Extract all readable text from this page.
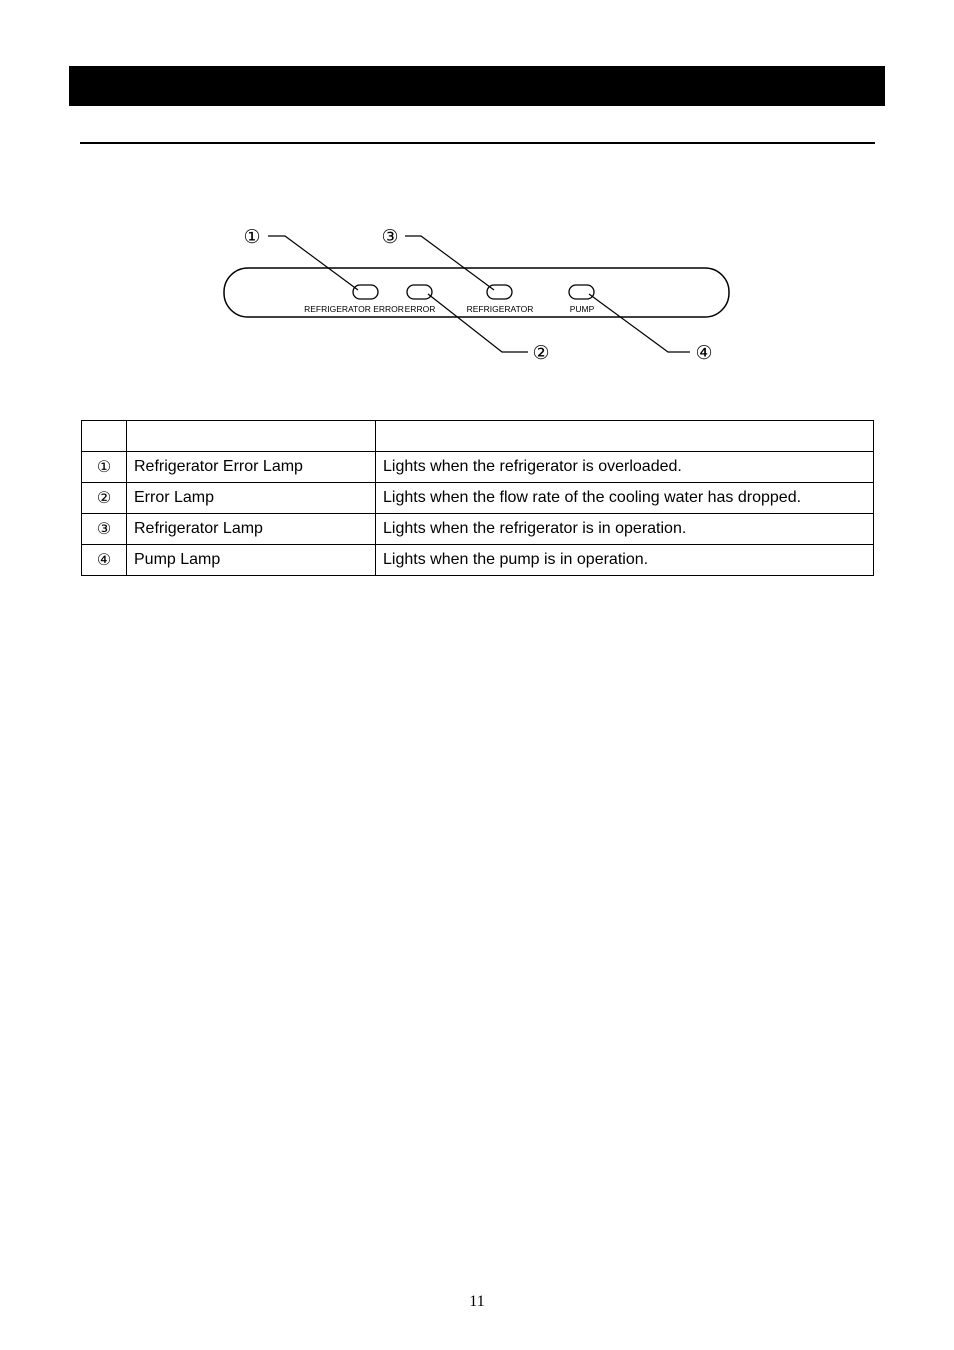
REFRIGERATOR ERROR ERROR	REFRIGERATOR	PUMP
①	③
②	④

①	Refrigerator Error Lamp	Lights when the refrigerator is overloaded.
②	Error Lamp	Lights when the flow rate of the cooling water has dropped.
③	Refrigerator Lamp	Lights when the refrigerator is in operation.
④	Pump Lamp	Lights when the pump is in operation.
11
